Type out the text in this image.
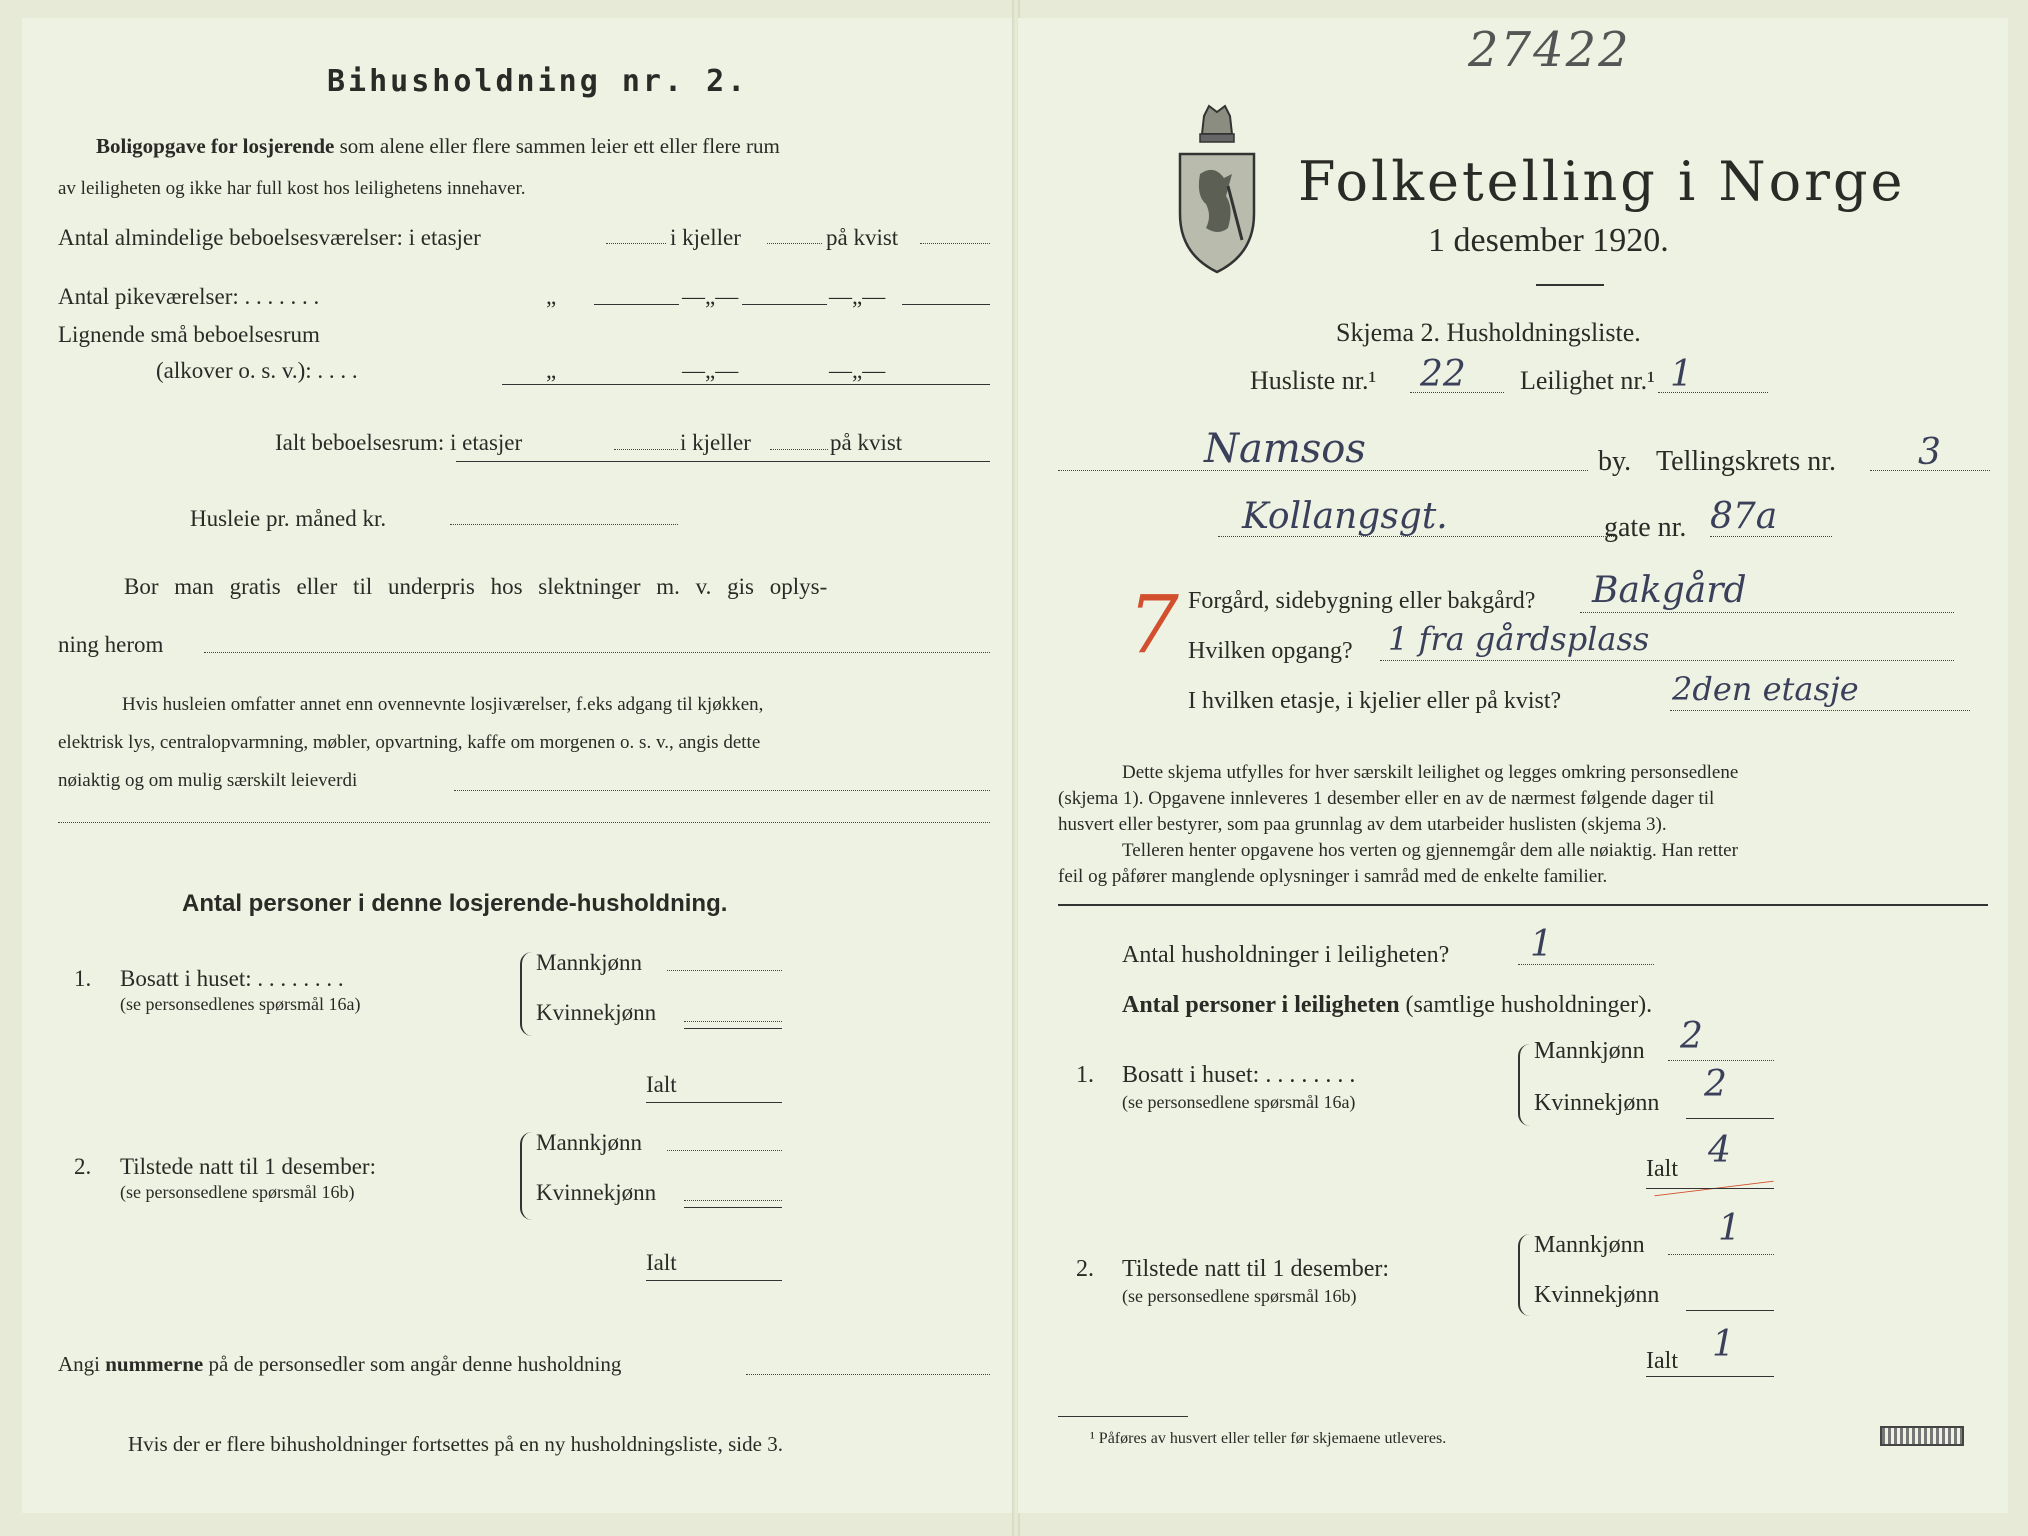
Bihusholdning nr. 2.
Boligopgave for losjerende som alene eller flere sammen leier ett eller flere rum
av leiligheten og ikke har full kost hos leilighetens innehaver.
Antal almindelige beboelsesværelser: i etasjer	i kjeller	på kvist
Antal pikeværelser: . . . . . . .	„	—„—	—„—
Lignende små beboelsesrum
(alkover o. s. v.): . . . .	„	—„—	—„—
Ialt beboelsesrum: i etasjer	i kjeller	på kvist
Husleie pr. måned kr.
Bor man gratis eller til underpris hos slektninger m. v. gis oplys-
ning herom
Hvis husleien omfatter annet enn ovennevnte losjiværelser, f.eks adgang til kjøkken,
elektrisk lys, centralopvarmning, møbler, opvartning, kaffe om morgenen o. s. v., angis dette
nøiaktig og om mulig særskilt leieverdi
Antal personer i denne losjerende-husholdning.
1. Bosatt i huset: . . . . . . . .
(se personsedlenes spørsmål 16a)
Mannkjønn
Kvinnekjønn
Ialt
2. Tilstede natt til 1 desember:
(se personsedlene spørsmål 16b)
Mannkjønn
Kvinnekjønn
Ialt
Angi nummerne på de personsedler som angår denne husholdning
Hvis der er flere bihusholdninger fortsettes på en ny husholdningsliste, side 3.
27422
Folketelling i Norge
1 desember 1920.
Skjema 2. Husholdningsliste.
Husliste nr.¹ 22 Leilighet nr.¹ 1
Namsos	by. Tellingskrets nr. 3
Kollangsgt.	gate nr. 87a
7 Forgård, sidebygning eller bakgård? Bakgård
Hvilken opgang? 1 fra gårdsplass
I hvilken etasje, i kjelier eller på kvist?	2den etasje
Dette skjema utfylles for hver særskilt leilighet og legges omkring personsedlene
(skjema 1). Opgavene innleveres 1 desember eller en av de nærmest følgende dager til
husvert eller bestyrer, som paa grunnlag av dem utarbeider huslisten (skjema 3).
Telleren henter opgavene hos verten og gjennemgår dem alle nøiaktig. Han retter
feil og påfører manglende oplysninger i samråd med de enkelte familier.
Antal husholdninger i leiligheten? 1
Antal personer i leiligheten (samtlige husholdninger).
1. Bosatt i huset: . . . . . . . .
(se personsedlene spørsmål 16a)
Mannkjønn 2
Kvinnekjønn 2
Ialt 4
2. Tilstede natt til 1 desember:
(se personsedlene spørsmål 16b)
Mannkjønn 1
Kvinnekjønn
Ialt 1
¹ Påføres av husvert eller teller før skjemaene utleveres.
